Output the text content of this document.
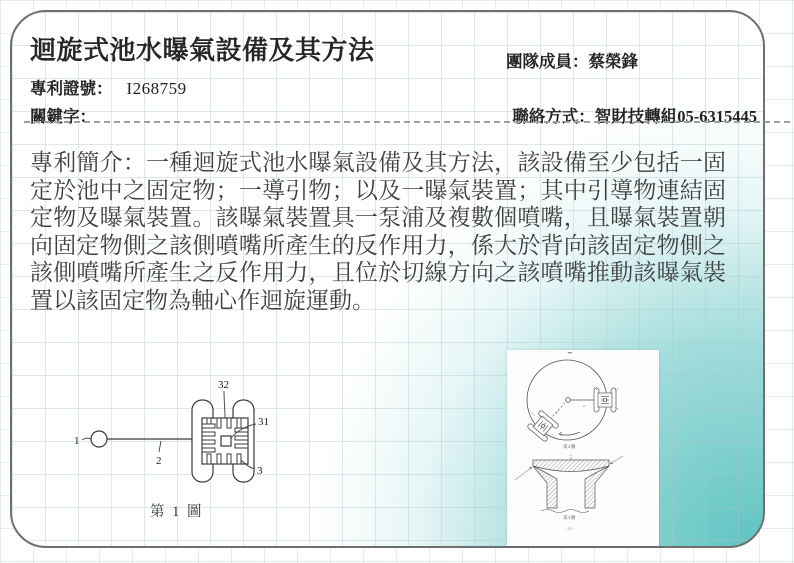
迴旋式池水曝氣設備及其方法	團隊成員：蔡榮鋒
專利證號： I268759
關鍵字：	聯絡方式：智財技轉組05-6315445
專利簡介：一種迴旋式池水曝氣設備及其方法，該設備至少包括一固定於池中之固定物；一導引物；以及一曝氣裝置；其中引導物連結固定物及曝氣裝置。該曝氣裝置具一泵浦及複數個噴嘴，且曝氣裝置朝向固定物側之該側噴嘴所產生的反作用力，係大於背向該固定物側之該側噴嘴所產生之反作用力，且位於切線方向之該噴嘴推動該曝氣裝置以該固定物為軸心作迴旋運動。
1
2
32
31
3
第 1 圖
2
第2圖
1
第3圖
- 24 -
